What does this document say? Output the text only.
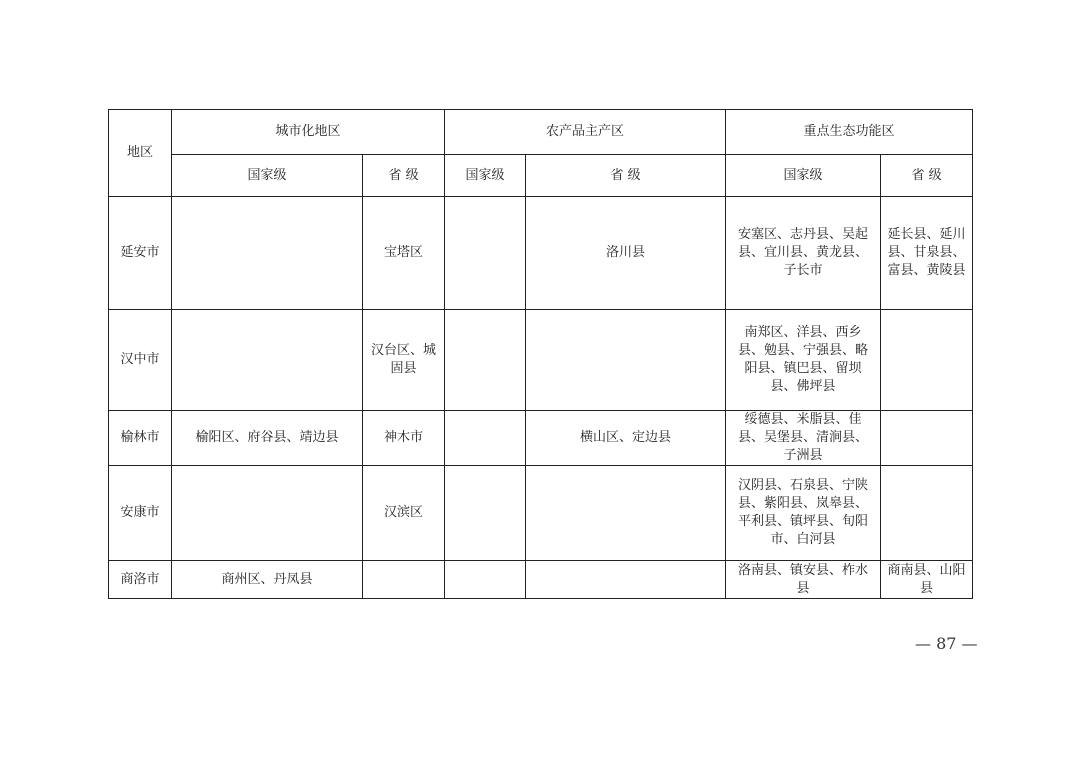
地区	城市化地区		农产品主产区		重点生态功能区	
	国家级	省 级	国家级	省 级	国家级	省 级
延安市		宝塔区		洛川县	安塞区、志丹县、吴起县、宜川县、黄龙县、子长市	延长县、延川县、甘泉县、富县、黄陵县
汉中市		汉台区、城固县			南郑区、洋县、西乡县、勉县、宁强县、略阳县、镇巴县、留坝县、佛坪县	
榆林市	榆阳区、府谷县、靖边县	神木市		横山区、定边县	绥德县、米脂县、佳县、吴堡县、清涧县、子洲县	
安康市		汉滨区			汉阴县、石泉县、宁陕县、紫阳县、岚皋县、平利县、镇坪县、旬阳市、白河县	
商洛市	商州区、丹凤县				洛南县、镇安县、柞水县	商南县、山阳县
— 87 —
